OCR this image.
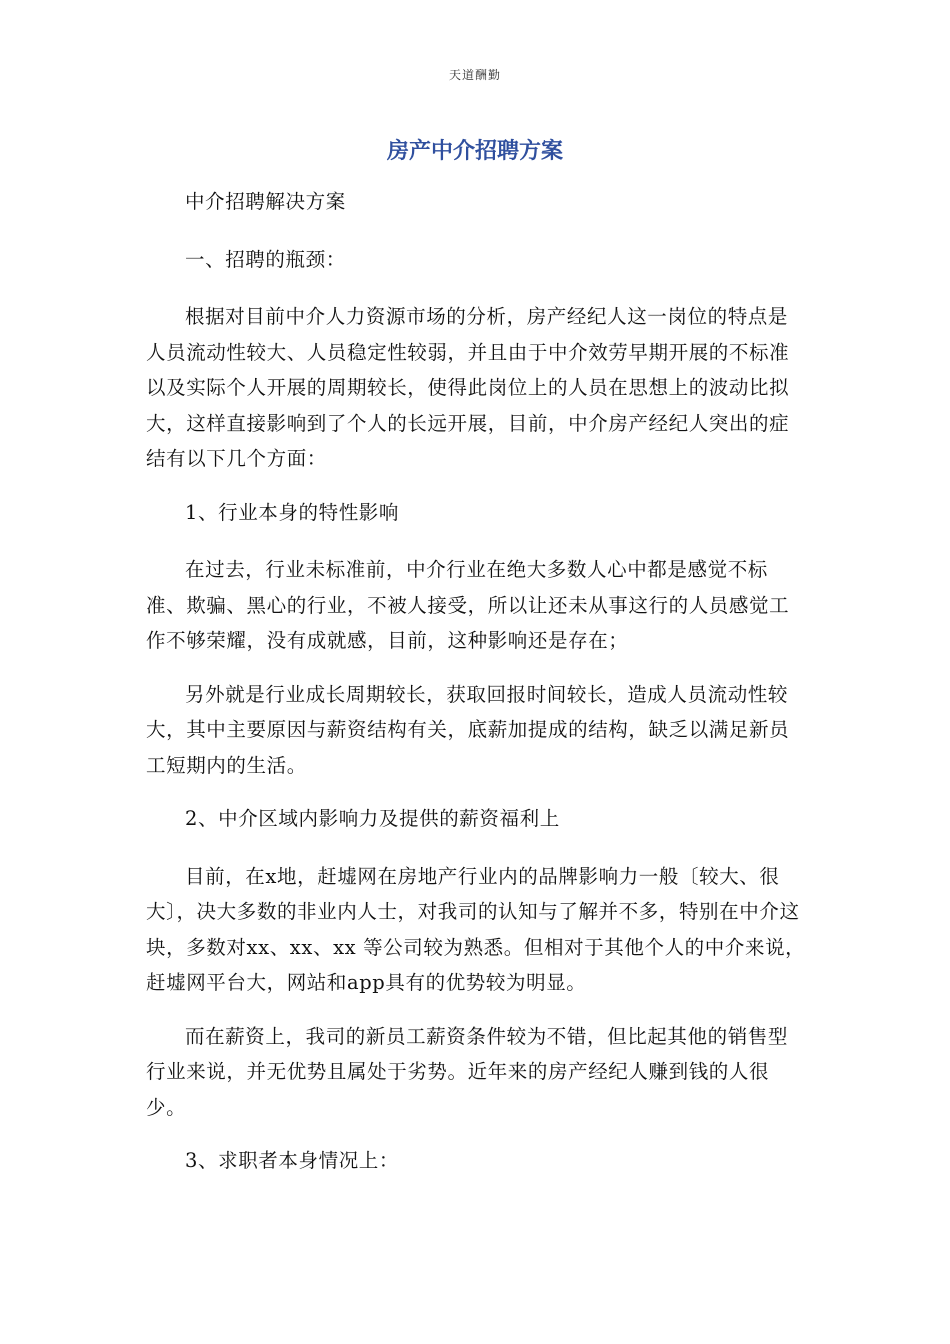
天道酬勤
房产中介招聘方案

中介招聘解决方案

一、招聘的瓶颈：

根据对目前中介人力资源市场的分析，房产经纪人这一岗位的特点是人员流动性较大、人员稳定性较弱，并且由于中介效劳早期开展的不标准以及实际个人开展的周期较长，使得此岗位上的人员在思想上的波动比拟大，这样直接影响到了个人的长远开展，目前，中介房产经纪人突出的症结有以下几个方面：

1、行业本身的特性影响

在过去，行业未标准前，中介行业在绝大多数人心中都是感觉不标准、欺骗、黑心的行业，不被人接受，所以让还未从事这行的人员感觉工作不够荣耀，没有成就感，目前，这种影响还是存在；

另外就是行业成长周期较长，获取回报时间较长，造成人员流动性较大，其中主要原因与薪资结构有关，底薪加提成的结构，缺乏以满足新员工短期内的生活。

2、中介区域内影响力及提供的薪资福利上

目前，在x地，赶墟网在房地产行业内的品牌影响力一般〔较大、很大〕，决大多数的非业内人士，对我司的认知与了解并不多，特别在中介这块，多数对xx、xx、xx 等公司较为熟悉。但相对于其他个人的中介来说，赶墟网平台大，网站和app具有的优势较为明显。

而在薪资上，我司的新员工薪资条件较为不错，但比起其他的销售型行业来说，并无优势且属处于劣势。近年来的房产经纪人赚到钱的人很少。

3、求职者本身情况上：
